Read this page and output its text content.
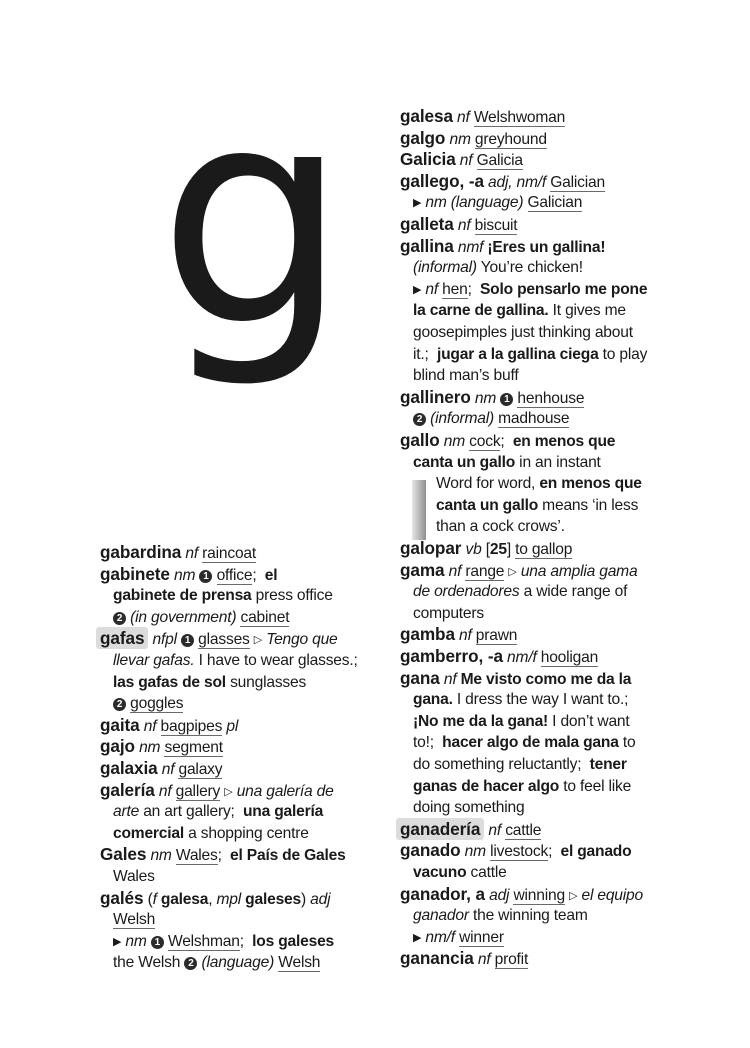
g
gabardina nf raincoat
gabinete nm 1 office;  el
gabinete de prensa press office
2 (in government) cabinet
gafas nfpl 1 glasses ▷ Tengo que
llevar gafas. I have to wear glasses.;
las gafas de sol sunglasses
2 goggles
gaita nf bagpipes pl
gajo nm segment
galaxia nf galaxy
galería nf gallery ▷ una galería de
arte an art gallery;  una galería
comercial a shopping centre
Gales nm Wales;  el País de Gales
Wales
galés (f galesa, mpl galeses) adj
Welsh
▶ nm 1 Welshman;  los galeses
the Welsh 2 (language) Welsh
galesa nf Welshwoman
galgo nm greyhound
Galicia nf Galicia
gallego, -a adj, nm/f Galician
▶ nm (language) Galician
galleta nf biscuit
gallina nmf ¡Eres un gallina!
(informal) You’re chicken!
▶ nf hen;  Solo pensarlo me pone
la carne de gallina. It gives me
goosepimples just thinking about
it.;  jugar a la gallina ciega to play
blind man’s buff
gallinero nm 1 henhouse
2 (informal) madhouse
gallo nm cock;  en menos que
canta un gallo in an instant
Word for word, en menos que
canta un gallo means ‘in less
than a cock crows’.
galopar vb [25] to gallop
gama nf range ▷ una amplia gama
de ordenadores a wide range of
computers
gamba nf prawn
gamberro, -a nm/f hooligan
gana nf Me visto como me da la
gana. I dress the way I want to.;
¡No me da la gana! I don’t want
to!;  hacer algo de mala gana to
do something reluctantly;  tener
ganas de hacer algo to feel like
doing something
ganadería nf cattle
ganado nm livestock;  el ganado
vacuno cattle
ganador, a adj winning ▷ el equipo
ganador the winning team
▶ nm/f winner
ganancia nf profit
